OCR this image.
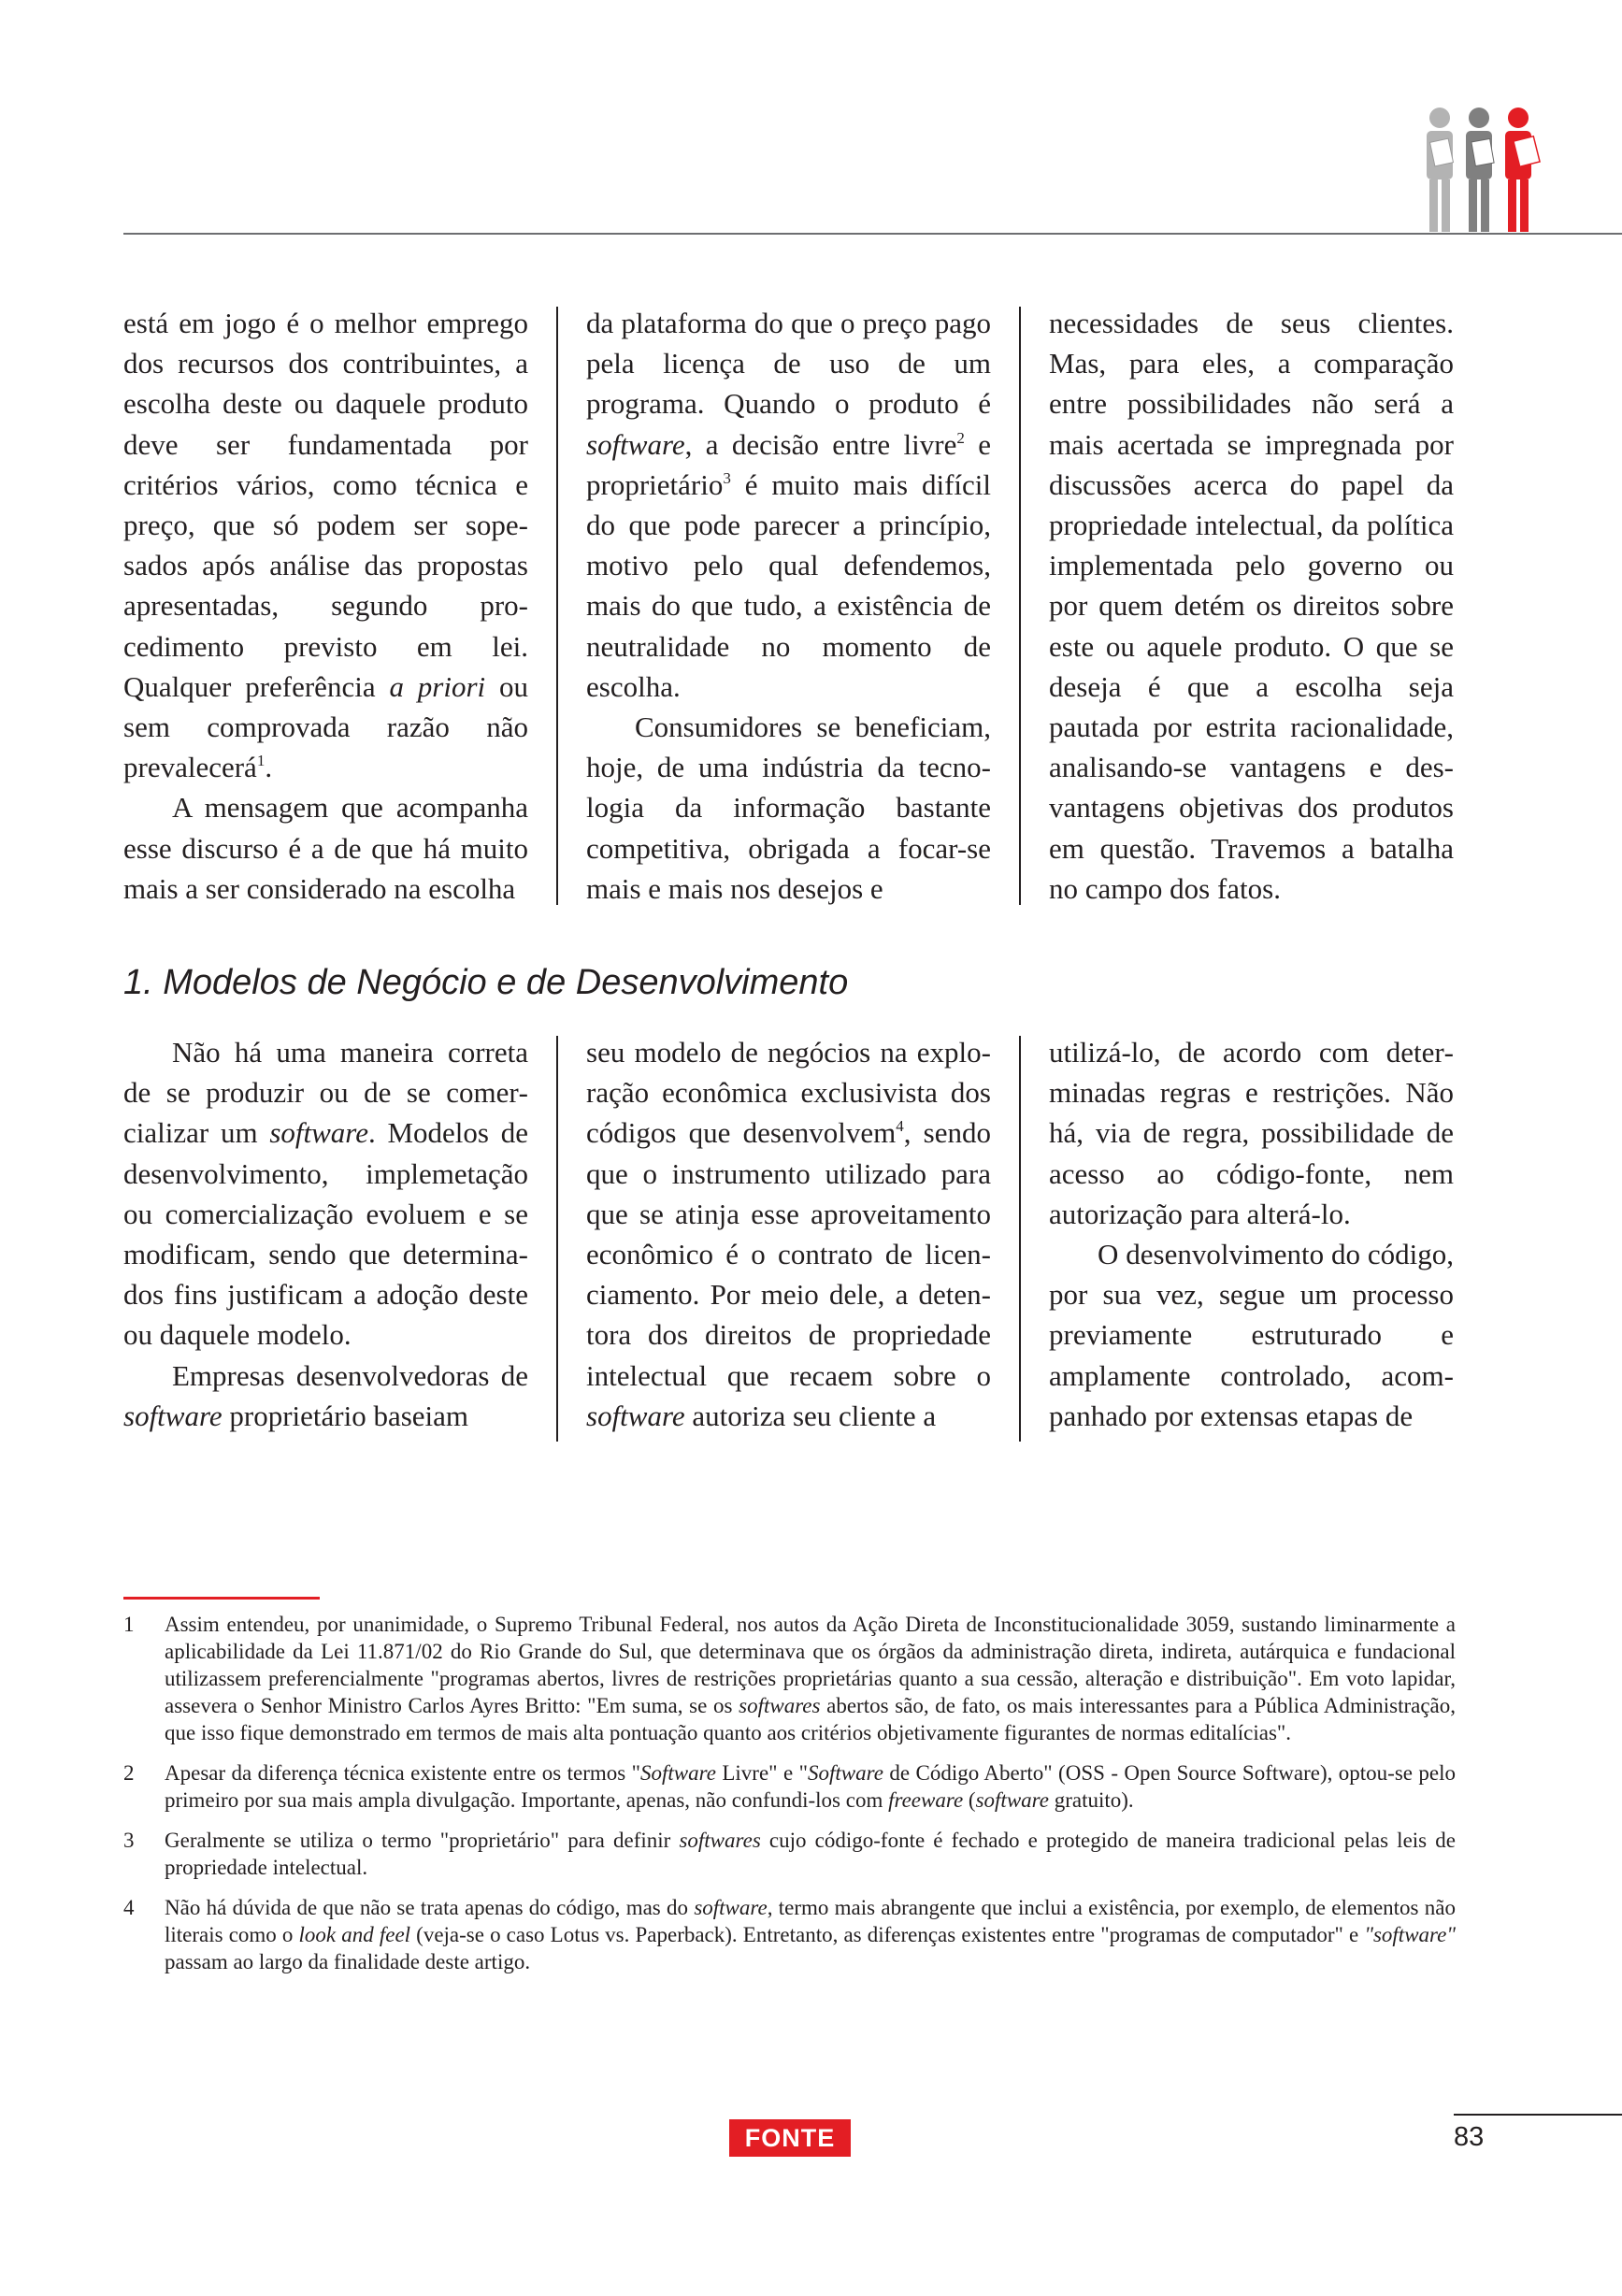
está em jogo é o melhor emprego dos recursos dos contribuintes, a escolha deste ou daquele produto deve ser fundamentada por critérios vários, como técnica e preço, que só podem ser sopesados após análise das propostas apresentadas, segundo procedimento previsto em lei. Qualquer preferência a priori ou sem comprovada razão não prevalecerá$^1$.

A mensagem que acompanha esse discurso é a de que há muito mais a ser considerado na escolha

da plataforma do que o preço pago pela licença de uso de um programa. Quando o produto é software, a decisão entre livre$^2$ e proprietário$^3$ é muito mais difícil do que pode parecer a princípio, motivo pelo qual defendemos, mais do que tudo, a existência de neutralidade no momento de escolha.

Consumidores se beneficiam, hoje, de uma indústria da tecnologia da informação bastante competitiva, obrigada a focar-se mais e mais nos desejos e

necessidades de seus clientes. Mas, para eles, a comparação entre possibilidades não será a mais acertada se impregnada por discussões acerca do papel da propriedade intelectual, da política implementada pelo governo ou por quem detém os direitos sobre este ou aquele produto. O que se deseja é que a escolha seja pautada por estrita racionalidade, analisando-se vantagens e desvantagens objetivas dos produtos em questão. Travemos a batalha no campo dos fatos.

1. Modelos de Negócio e de Desenvolvimento

Não há uma maneira correta de se produzir ou de se comercializar um software. Modelos de desenvolvimento, implemetação ou comercialização evoluem e se modificam, sendo que determinados fins justificam a adoção deste ou daquele modelo.

Empresas desenvolvedoras de software proprietário baseiam

seu modelo de negócios na exploração econômica exclusivista dos códigos que desenvolvem$^4$, sendo que o instrumento utilizado para que se atinja esse aproveitamento econômico é o contrato de licenciamento. Por meio dele, a detentora dos direitos de propriedade intelectual que recaem sobre o software autoriza seu cliente a

utilizá-lo, de acordo com determinadas regras e restrições. Não há, via de regra, possibilidade de acesso ao código-fonte, nem autorização para alterá-lo.

O desenvolvimento do código, por sua vez, segue um processo previamente estruturado e amplamente controlado, acompanhado por extensas etapas de

1	Assim entendeu, por unanimidade, o Supremo Tribunal Federal, nos autos da Ação Direta de Inconstitucionalidade 3059, sustando liminarmente a aplicabilidade da Lei 11.871/02 do Rio Grande do Sul, que determinava que os órgãos da administração direta, indireta, autárquica e fundacional utilizassem preferencialmente "programas abertos, livres de restrições proprietárias quanto a sua cessão, alteração e distribuição". Em voto lapidar, assevera o Senhor Ministro Carlos Ayres Britto: "Em suma, se os softwares abertos são, de fato, os mais interessantes para a Pública Administração, que isso fique demonstrado em termos de mais alta pontuação quanto aos critérios objetivamente figurantes de normas editalícias".
2	Apesar da diferença técnica existente entre os termos "Software Livre" e "Software de Código Aberto" (OSS - Open Source Software), optou-se pelo primeiro por sua mais ampla divulgação. Importante, apenas, não confundi-los com freeware (software gratuito).
3	Geralmente se utiliza o termo "proprietário" para definir softwares cujo código-fonte é fechado e protegido de maneira tradicional pelas leis de propriedade intelectual.
4	Não há dúvida de que não se trata apenas do código, mas do software, termo mais abrangente que inclui a existência, por exemplo, de elementos não literais como o look and feel (veja-se o caso Lotus vs. Paperback). Entretanto, as diferenças existentes entre "programas de computador" e "software" passam ao largo da finalidade deste artigo.
FONTE	83
